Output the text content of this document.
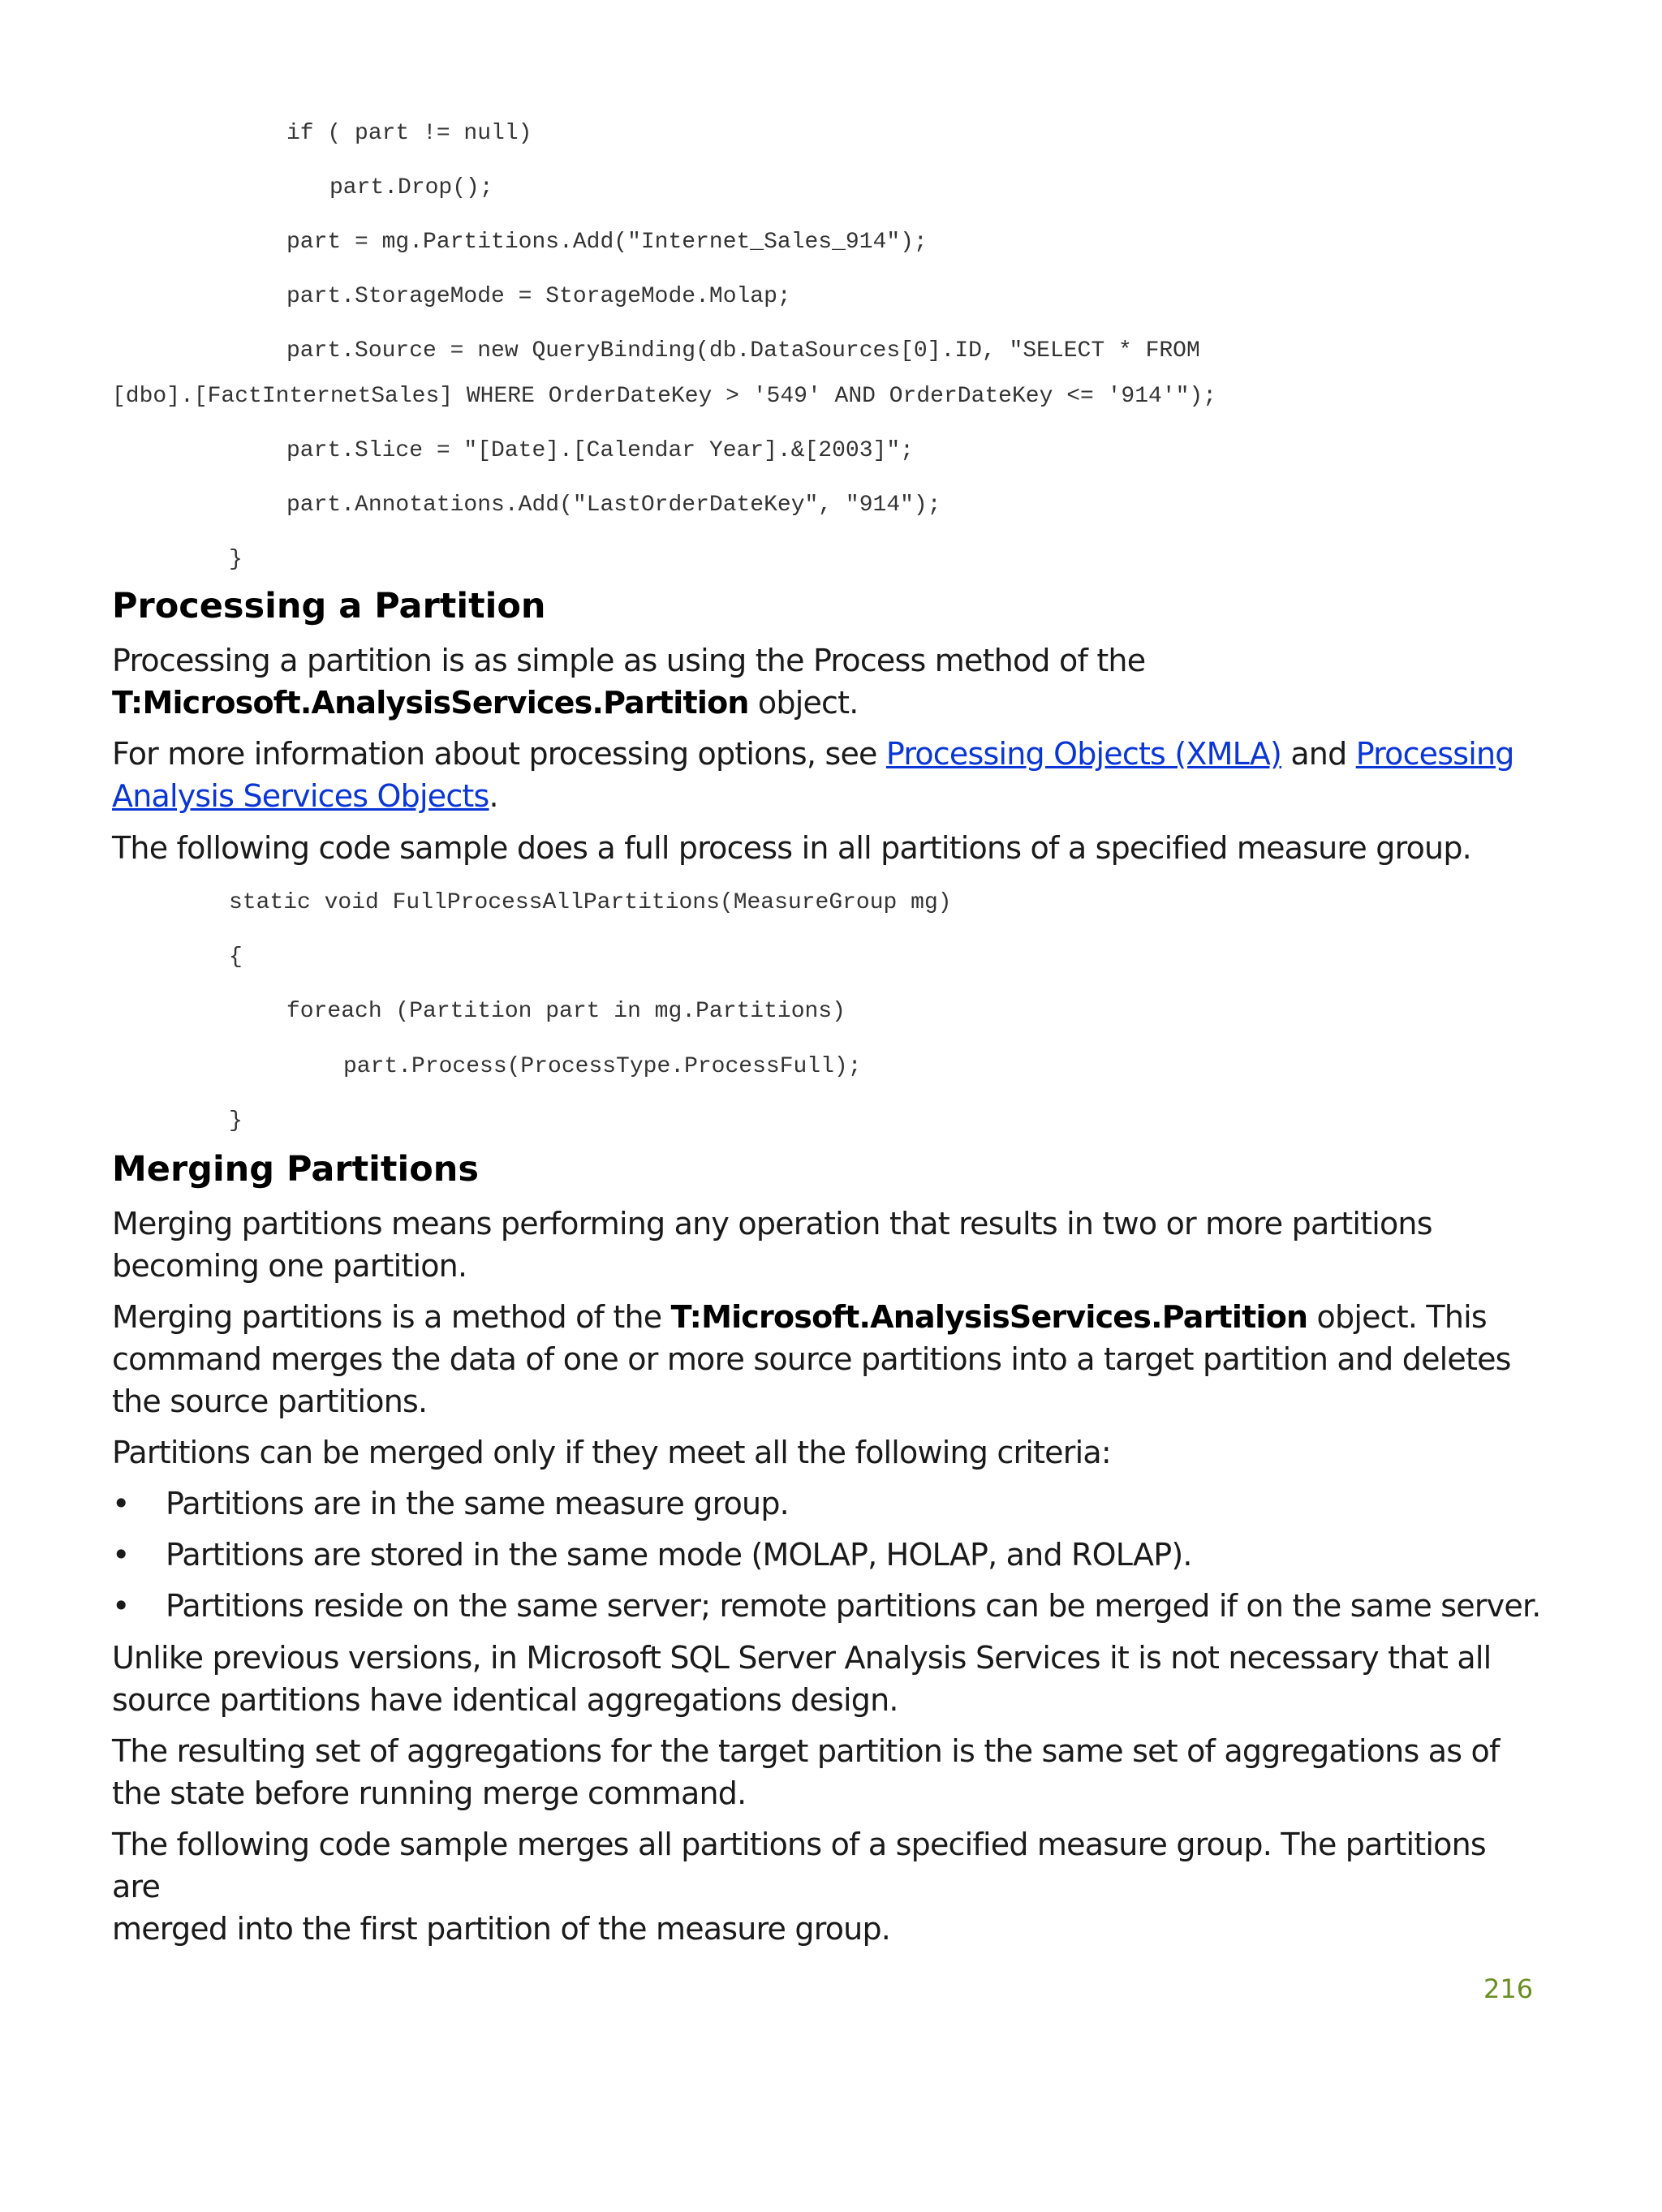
if ( part != null)
part.Drop();
part = mg.Partitions.Add("Internet_Sales_914");
part.StorageMode = StorageMode.Molap;
part.Source = new QueryBinding(db.DataSources[0].ID, "SELECT * FROM
[dbo].[FactInternetSales] WHERE OrderDateKey > '549' AND OrderDateKey <= '914'");
part.Slice = "[Date].[Calendar Year].&[2003]";
part.Annotations.Add("LastOrderDateKey", "914");
}
Processing a Partition

Processing a partition is as simple as using the Process method of the
T:Microsoft.AnalysisServices.Partition object.

For more information about processing options, see Processing Objects (XMLA) and Processing
Analysis Services Objects.

The following code sample does a full process in all partitions of a specified measure group.

static void FullProcessAllPartitions(MeasureGroup mg)
{
foreach (Partition part in mg.Partitions)
part.Process(ProcessType.ProcessFull);
}
Merging Partitions

Merging partitions means performing any operation that results in two or more partitions
becoming one partition.

Merging partitions is a method of the T:Microsoft.AnalysisServices.Partition object. This
command merges the data of one or more source partitions into a target partition and deletes
the source partitions.

Partitions can be merged only if they meet all the following criteria:

• Partitions are in the same measure group.
• Partitions are stored in the same mode (MOLAP, HOLAP, and ROLAP).
• Partitions reside on the same server; remote partitions can be merged if on the same server.

Unlike previous versions, in Microsoft SQL Server Analysis Services it is not necessary that all
source partitions have identical aggregations design.

The resulting set of aggregations for the target partition is the same set of aggregations as of
the state before running merge command.

The following code sample merges all partitions of a specified measure group. The partitions are
merged into the first partition of the measure group.

216
